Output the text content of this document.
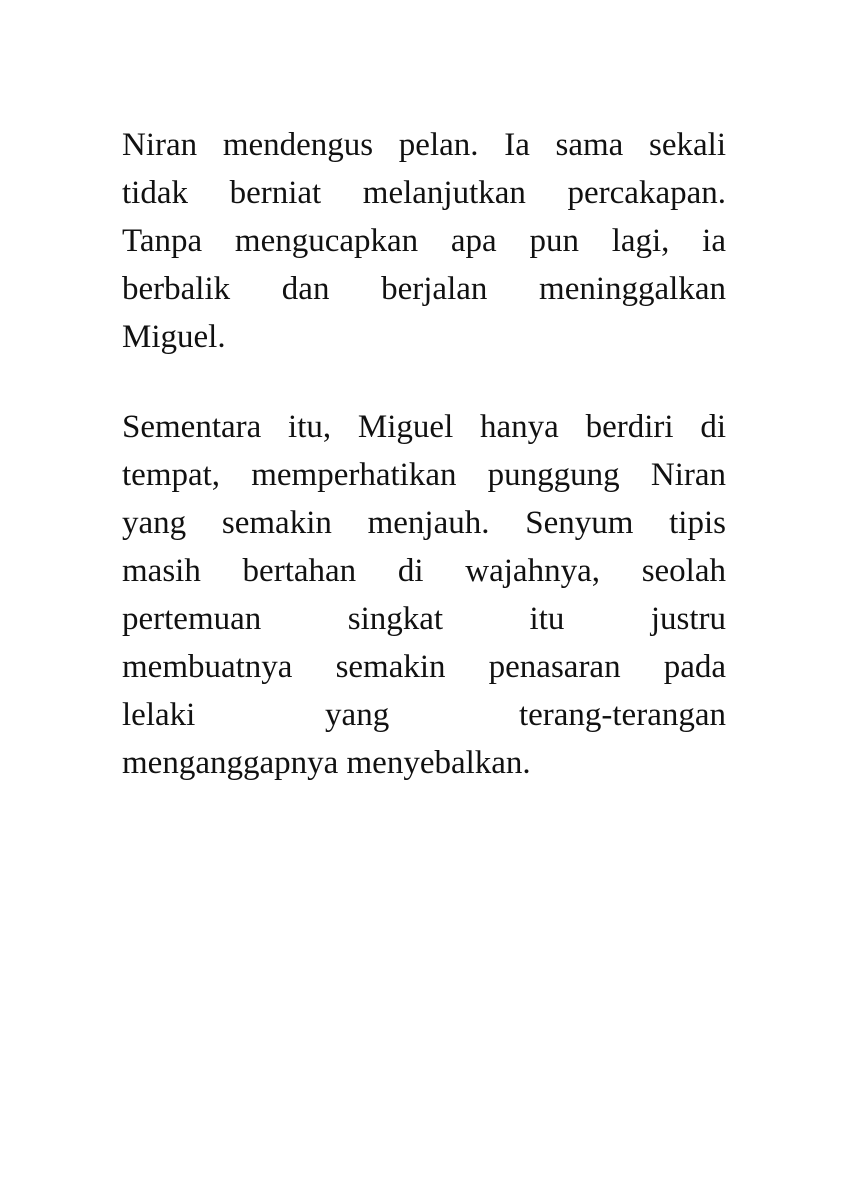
Niran mendengus pelan. Ia sama sekali
tidak berniat melanjutkan percakapan.
Tanpa mengucapkan apa pun lagi, ia
berbalik dan berjalan meninggalkan
Miguel.
Sementara itu, Miguel hanya berdiri di
tempat, memperhatikan punggung Niran
yang semakin menjauh. Senyum tipis
masih bertahan di wajahnya, seolah
pertemuan singkat itu justru
membuatnya semakin penasaran pada
lelaki yang terang-terangan
menganggapnya menyebalkan.
